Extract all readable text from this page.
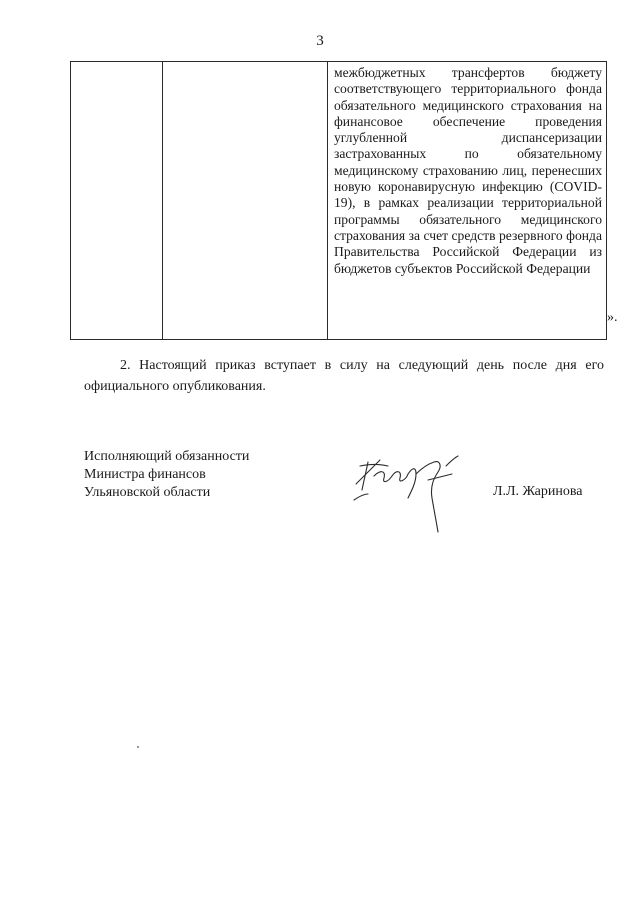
3

межбюджетных трансфертов бюджету соответствующего территориального фонда обязательного медицинского страхования на финансовое обеспечение проведения углубленной диспансеризации застрахованных по обязательному медицинскому страхованию лиц, перенесших новую коронавирусную инфекцию (COVID-19), в рамках реализации территориальной программы обязательного медицинского страхования за счет средств резервного фонда Правительства Российской Федерации из бюджетов субъектов Российской Федерации
».
2. Настоящий приказ вступает в силу на следующий день после дня его официального опубликования.
Исполняющий обязанности
Министра финансов
Ульяновской области	Л.Л. Жаринова
